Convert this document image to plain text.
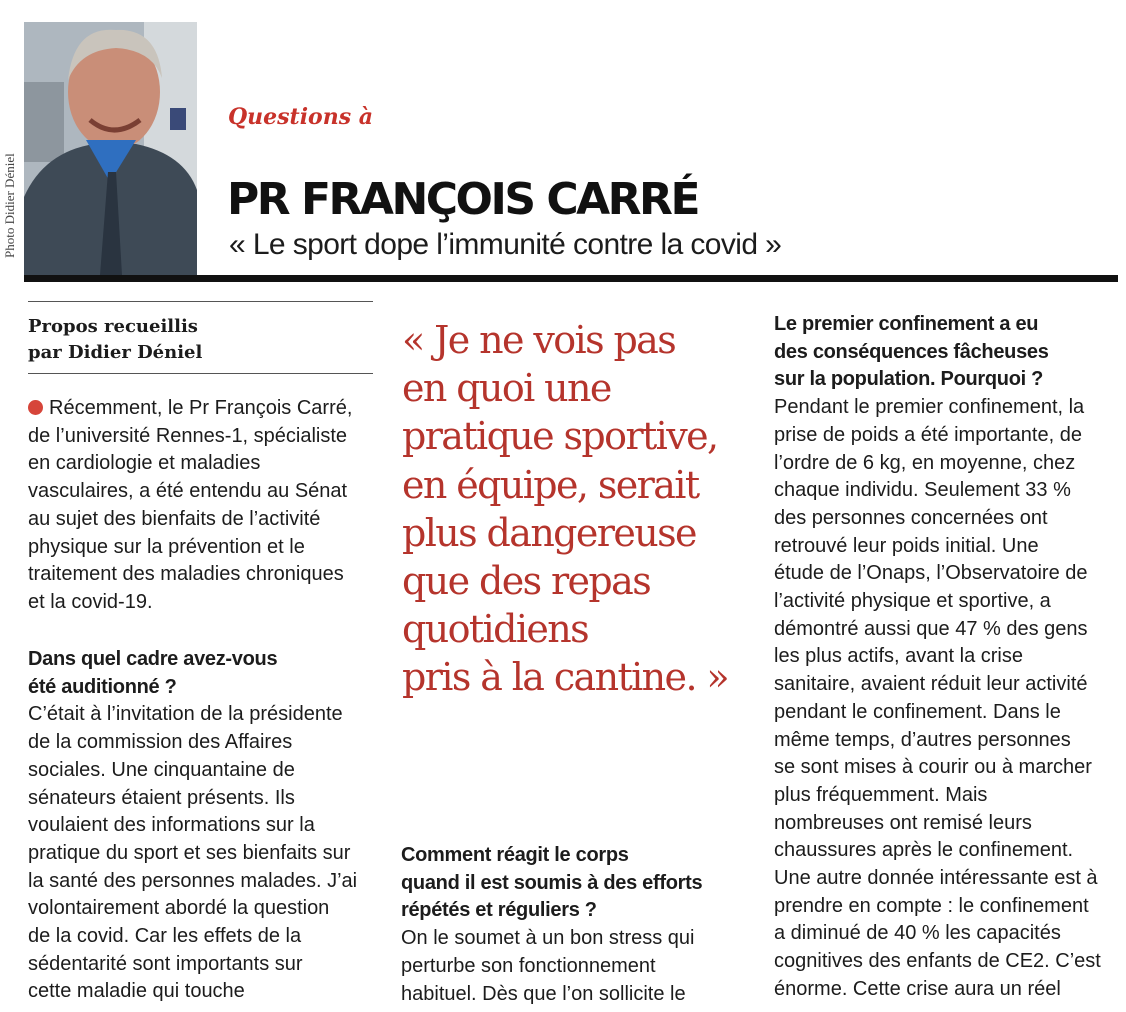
Photo Didier Déniel
Questions à
PR FRANÇOIS CARRÉ
« Le sport dope l’immunité contre la covid »
Propos recueillis
par Didier Déniel

Récemment, le Pr François Carré,

de l’université Rennes-1, spécialiste

en cardiologie et maladies

vasculaires, a été entendu au Sénat

au sujet des bienfaits de l’activité

physique sur la prévention et le

traitement des maladies chroniques

et la covid-19.

Dans quel cadre avez-vous

été auditionné ?

C’était à l’invitation de la présidente

de la commission des Affaires

sociales. Une cinquantaine de

sénateurs étaient présents. Ils

voulaient des informations sur la

pratique du sport et ses bienfaits sur

la santé des personnes malades. J’ai

volontairement abordé la question

de la covid. Car les effets de la

sédentarité sont importants sur

cette maladie qui touche

« Je ne vois pas
en quoi une
pratique sportive,
en équipe, serait
plus dangereuse
que des repas
quotidiens
pris à la cantine. »

Comment réagit le corps

quand il est soumis à des efforts

répétés et réguliers ?

On le soumet à un bon stress qui

perturbe son fonctionnement

habituel. Dès que l’on sollicite le

Le premier confinement a eu

des conséquences fâcheuses

sur la population. Pourquoi ?

Pendant le premier confinement, la

prise de poids a été importante, de

l’ordre de 6 kg, en moyenne, chez

chaque individu. Seulement 33 %

des personnes concernées ont

retrouvé leur poids initial. Une

étude de l’Onaps, l’Observatoire de

l’activité physique et sportive, a

démontré aussi que 47 % des gens

les plus actifs, avant la crise

sanitaire, avaient réduit leur activité

pendant le confinement. Dans le

même temps, d’autres personnes

se sont mises à courir ou à marcher

plus fréquemment. Mais

nombreuses ont remisé leurs

chaussures après le confinement.

Une autre donnée intéressante est à

prendre en compte : le confinement

a diminué de 40 % les capacités

cognitives des enfants de CE2. C’est

énorme. Cette crise aura un réel
